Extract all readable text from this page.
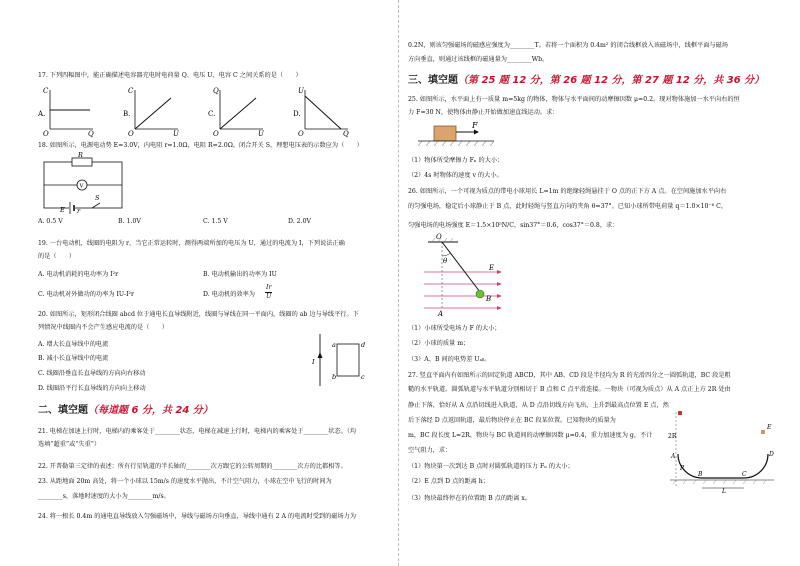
17. 下列四幅图中，能正确描述电容器充电时电荷量 Q、电压 U、电容 C 之间关系的是（　　）
A.
C
O	Q
B.
C
O	U
C.
Q
O	U
D.
U
O	Q
18. 如图所示，电源电动势 E=3.0V，内电阻 r=1.0Ω，电阻 R=2.0Ω。闭合开关 S，理想电压表的示数应为（　　）
R
V
E r
S
A. 0.5 V	B. 1.0V	C. 1.5 V	D. 2.0V
19. 一台电动机，线圈的电阻为 r，当它正常运转时，测得两端所加的电压为 U，通过的电流为 I，下列说法正确
的是（　　）
A. 电动机消耗的电功率为 I²r	B. 电动机输出的功率为 IU
C. 电动机对外做功的功率为 IU-I²r	D. 电动机的效率为 $\frac{Ir}{U}$
20. 如图所示，矩形闭合线圈 abcd 位于通电长直导线附近，线圈与导线在同一平面内，线圈的 ab 边与导线平行。下
列情况中线圈内不会产生感应电流的是（　　）
A. 增大长直导线中的电流
B. 减小长直导线中的电流
C. 线圈沿垂直长直导线的方向向右移动
D. 线圈沿平行长直导线的方向向上移动
I
a
b	c
d
二、填空题（每道题 6 分，共 24 分）
21. 电梯在加速上行时，电梯内的乘客处于________状态，电梯在减速上行时，电梯内的乘客处于________状态。（均
选填“超重”或“失重”）
22. 开普勒第三定律的表述：所有行星轨道的半长轴的________次方跟它的公转周期的________次方的比都相等。
23. 从距地面 20m 高处，将一个小球以 15m/s 的速度水平抛出，不计空气阻力，小球在空中飞行的时间为
________s，落地时速度的大小为________m/s。
24. 将一根长 0.4m 的通电直导线放入匀强磁场中，导线与磁场方向垂直，导线中通有 2 A 的电流时受到的磁场力为
0.2N，则该匀强磁场的磁感应强度为________T。若将一个面积为 0.4m² 的闭合线框放入该磁场中，线框平面与磁场
方向垂直，则通过该线框的磁通量为________Wb。
三、填空题（第 25 题 12 分，第 26 题 12 分，第 27 题 12 分，共 36 分）
25. 如图所示，水平面上有一质量 m=5kg 的物体，物体与水平面间的动摩擦因数 μ=0.2。现对物体施加一水平向右的恒
力 F=30 N，使物体由静止开始做加速直线运动。求：
F
（1）物体所受摩擦力 Fₙ 的大小；
（2）4s 时物体的速度 v 的大小。
26. 如图所示，一个可视为质点的带电小球用长 L=1m 的绝缘轻绳悬挂于 O 点的正下方 A 点。在空间施加水平向右
的匀强电场，稳定后小球静止于 B 点，此时轻绳与竖直方向的夹角 θ=37°。已知小球所带电荷量 q＝1.0×10⁻⁶ C，
匀强电场的电场强度 E＝1.5×10⁵N/C，sin37°＝0.6，cos37°＝0.8，求：
O
θ
E
B
A
（1）小球所受电场力 F 的大小；
（2）小球的质量 m；
（3）A、B 间的电势差 Uₐᵦ。
27. 竖直平面内有如图所示的固定轨道 ABCD，其中 AB、CD 段是半径均为 R 的光滑四分之一圆弧轨道，BC 段是粗
糙的水平轨道。圆弧轨道与水平轨道分别相切于 B 点和 C 点平滑连接。一物块（可视为质点）从 A 点正上方 2R 处由
静止下落，恰好从 A 点沿切线进入轨道，从 D 点沿切线方向飞出，上升到最高点位置 E 点，然
后下落经 D 点返回轨道，最后物块停止在 BC 段某位置。已知物块的质量为
m，BC 段长度 L=2R，物块与 BC 轨道间的动摩擦因数 μ=0.4，重力加速度为 g，不计
空气阻力，求：
（1）物块第一次到达 B 点时对圆弧轨道的压力 Fₙ 的大小；
（2）E 点到 D 点的距离 h；
（3）物块最终停在的位置距 B 点的距离 x。
2R
A
R
B	C
D
E
L
